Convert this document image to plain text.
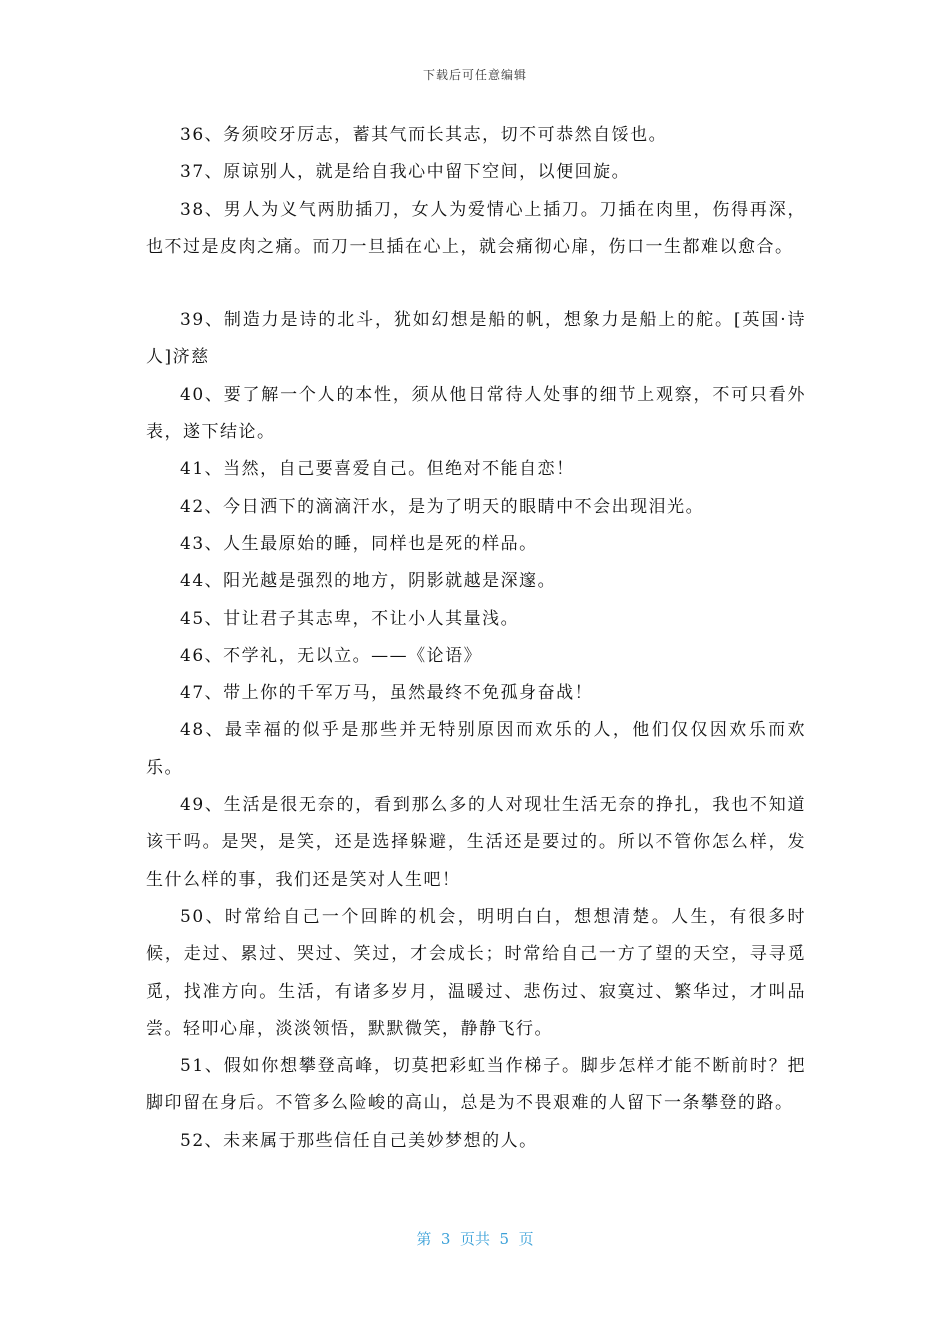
下载后可任意编辑

36、务须咬牙厉志，蓄其气而长其志，切不可恭然自馁也。

37、原谅别人，就是给自我心中留下空间，以便回旋。

38、男人为义气两肋插刀，女人为爱情心上插刀。刀插在肉里，伤得再深，也不过是皮肉之痛。而刀一旦插在心上，就会痛彻心扉，伤口一生都难以愈合。

39、制造力是诗的北斗，犹如幻想是船的帆，想象力是船上的舵。[英国·诗人]济慈

40、要了解一个人的本性，须从他日常待人处事的细节上观察，不可只看外表，遂下结论。

41、当然，自己要喜爱自己。但绝对不能自恋！

42、今日洒下的滴滴汗水，是为了明天的眼睛中不会出现泪光。

43、人生最原始的睡，同样也是死的样品。

44、阳光越是强烈的地方，阴影就越是深邃。

45、甘让君子其志卑，不让小人其量浅。

46、不学礼，无以立。——《论语》

47、带上你的千军万马，虽然最终不免孤身奋战！

48、最幸福的似乎是那些并无特别原因而欢乐的人，他们仅仅因欢乐而欢乐。

49、生活是很无奈的，看到那么多的人对现壮生活无奈的挣扎，我也不知道该干吗。是哭，是笑，还是选择躲避，生活还是要过的。所以不管你怎么样，发生什么样的事，我们还是笑对人生吧！

50、时常给自己一个回眸的机会，明明白白，想想清楚。人生，有很多时候，走过、累过、哭过、笑过，才会成长；时常给自己一方了望的天空，寻寻觅觅，找准方向。生活，有诸多岁月，温暖过、悲伤过、寂寞过、繁华过，才叫品尝。轻叩心扉，淡淡领悟，默默微笑，静静飞行。

51、假如你想攀登高峰，切莫把彩虹当作梯子。脚步怎样才能不断前时？把脚印留在身后。不管多么险峻的高山，总是为不畏艰难的人留下一条攀登的路。

52、未来属于那些信任自己美妙梦想的人。

第  3  页共  5  页
